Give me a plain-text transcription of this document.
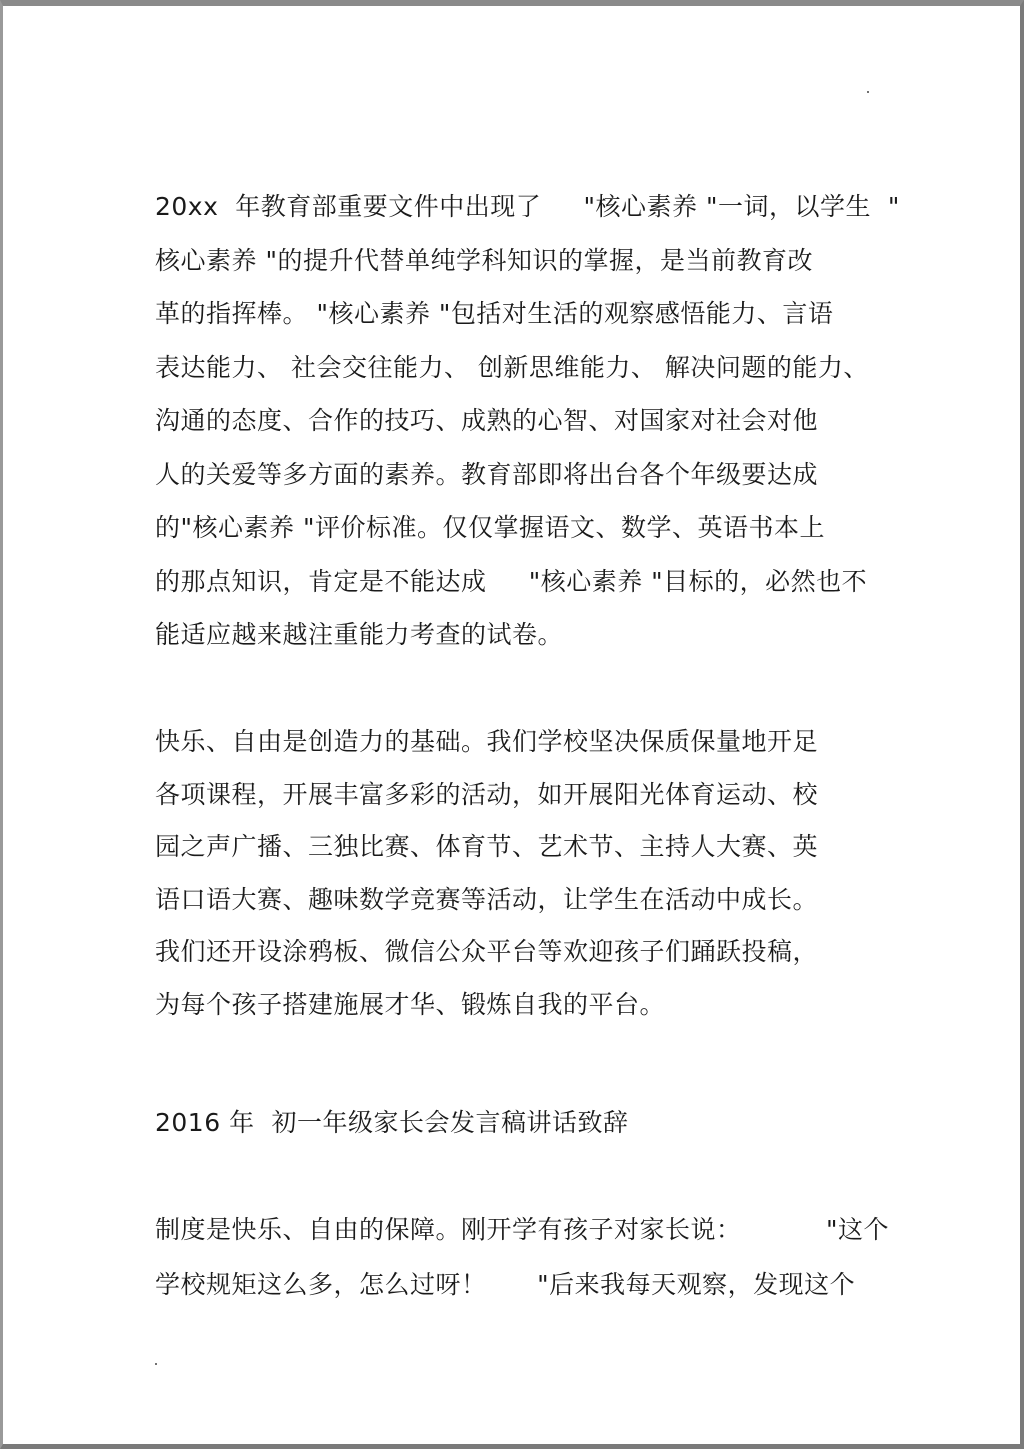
20xx  年教育部重要文件中出现了     "核心素养 "一词，以学生  "
核心素养 "的提升代替单纯学科知识的掌握，是当前教育改
革的指挥棒。 "核心素养 "包括对生活的观察感悟能力、言语
表达能力、 社会交往能力、 创新思维能力、 解决问题的能力、
沟通的态度、合作的技巧、成熟的心智、对国家对社会对他
人的关爱等多方面的素养。教育部即将出台各个年级要达成
的"核心素养 "评价标准。仅仅掌握语文、数学、英语书本上
的那点知识，肯定是不能达成     "核心素养 "目标的，必然也不
能适应越来越注重能力考查的试卷。
快乐、自由是创造力的基础。我们学校坚决保质保量地开足
各项课程，开展丰富多彩的活动，如开展阳光体育运动、校
园之声广播、三独比赛、体育节、艺术节、主持人大赛、英
语口语大赛、趣味数学竞赛等活动，让学生在活动中成长。
我们还开设涂鸦板、微信公众平台等欢迎孩子们踊跃投稿，
为每个孩子搭建施展才华、锻炼自我的平台。
2016 年  初一年级家长会发言稿讲话致辞
制度是快乐、自由的保障。刚开学有孩子对家长说：          "这个
学校规矩这么多，怎么过呀！      "后来我每天观察，发现这个
